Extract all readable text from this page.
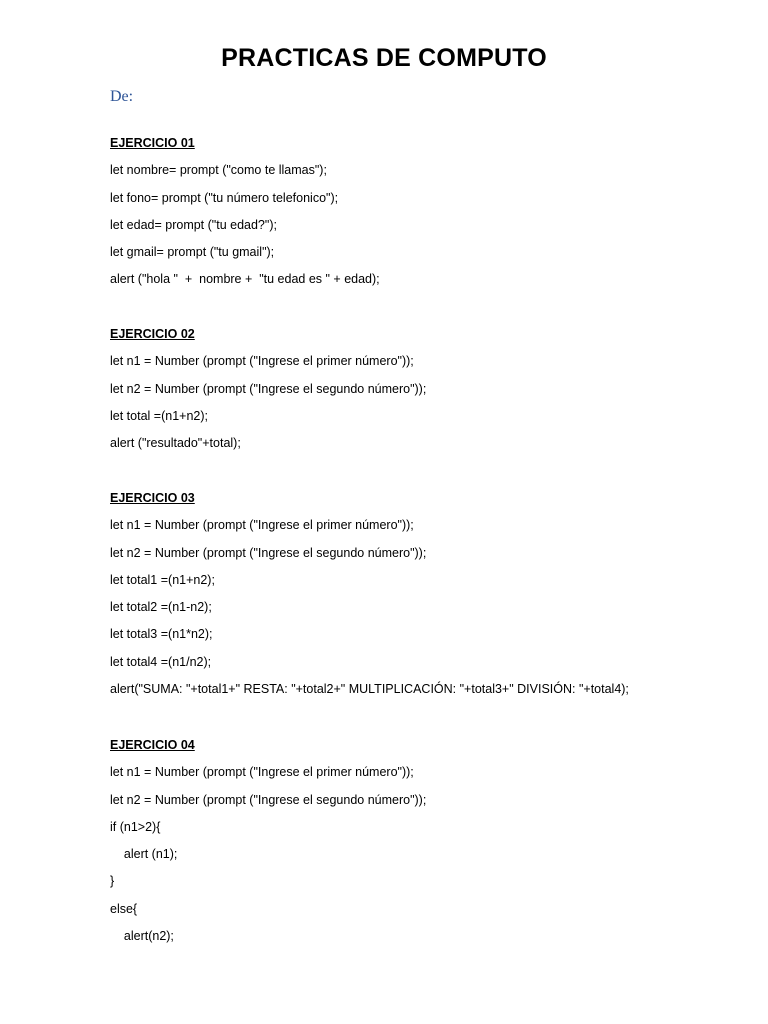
PRACTICAS DE COMPUTO
De:
EJERCICIO 01
let nombre= prompt ("como te llamas");
let fono= prompt ("tu número telefonico");
let edad= prompt ("tu edad?");
let gmail= prompt ("tu gmail");
alert ("hola "  +  nombre +  "tu edad es " + edad);
EJERCICIO 02
let n1 = Number (prompt ("Ingrese el primer número"));
let n2 = Number (prompt ("Ingrese el segundo número"));
let total =(n1+n2);
alert ("resultado"+total);
EJERCICIO 03
let n1 = Number (prompt ("Ingrese el primer número"));
let n2 = Number (prompt ("Ingrese el segundo número"));
let total1 =(n1+n2);
let total2 =(n1-n2);
let total3 =(n1*n2);
let total4 =(n1/n2);
alert("SUMA: "+total1+" RESTA: "+total2+" MULTIPLICACIÓN: "+total3+" DIVISIÓN: "+total4);
EJERCICIO 04
let n1 = Number (prompt ("Ingrese el primer número"));
let n2 = Number (prompt ("Ingrese el segundo número"));
if (n1>2){
alert (n1);
}
else{
alert(n2);
